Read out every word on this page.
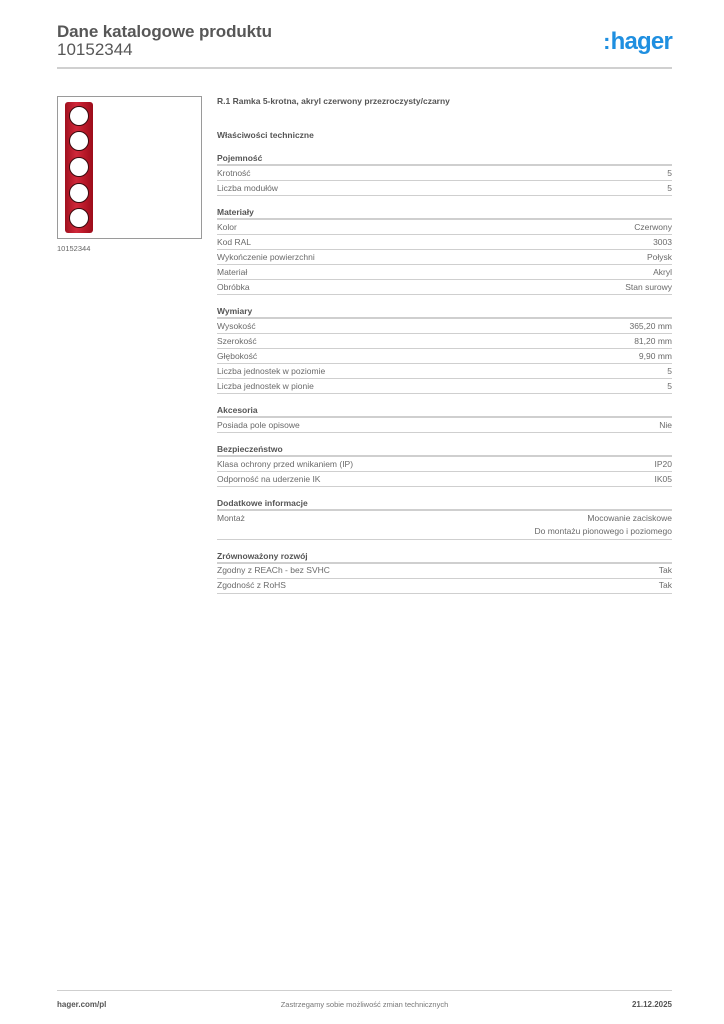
Dane katalogowe produktu
10152344	:hager
10152344
R.1 Ramka 5-krotna, akryl czerwony przezroczysty/czarny
Właściwości techniczne
Pojemność
Krotność	5
Liczba modułów	5
Materiały
Kolor	Czerwony
Kod RAL	3003
Wykończenie powierzchni	Połysk
Materiał	Akryl
Obróbka	Stan surowy
Wymiary
Wysokość	365,20 mm
Szerokość	81,20 mm
Głębokość	9,90 mm
Liczba jednostek w poziomie	5
Liczba jednostek w pionie	5
Akcesoria
Posiada pole opisowe	Nie
Bezpieczeństwo
Klasa ochrony przed wnikaniem (IP)	IP20
Odporność na uderzenie IK	IK05
Dodatkowe informacje
Montaż	Mocowanie zaciskowe
Do montażu pionowego i poziomego
Zrównoważony rozwój
Zgodny z REACh - bez SVHC	Tak
Zgodność z RoHS	Tak
hager.com/pl	Zastrzegamy sobie możliwość zmian technicznych	21.12.2025
